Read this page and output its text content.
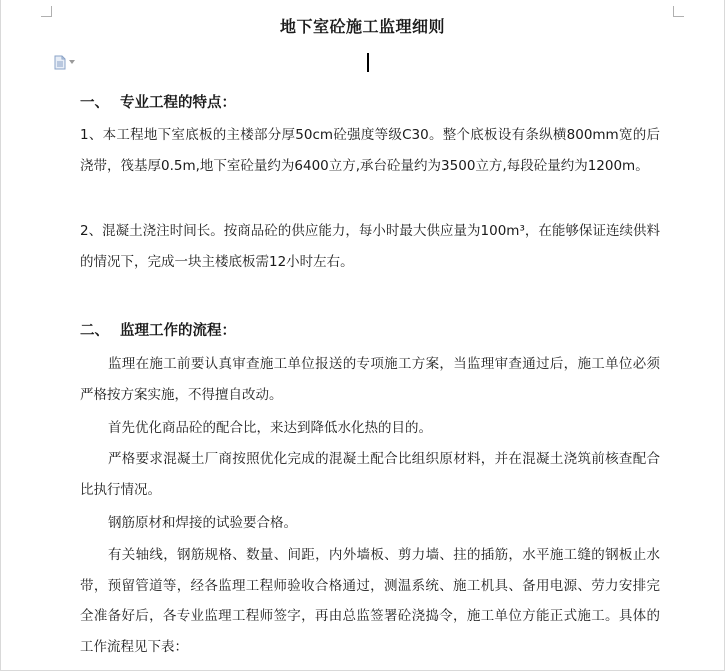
地下室砼施工监理细则
一、 专业工程的特点：
1、本工程地下室底板的主楼部分厚50cm砼强度等级C30。整个底板设有条纵横800mm宽的后浇带，筏基厚0.5m,地下室砼量约为6400立方,承台砼量约为3500立方,每段砼量约为1200m。
2、混凝土浇注时间长。按商品砼的供应能力，每小时最大供应量为100m³，在能够保证连续供料的情况下，完成一块主楼底板需12小时左右。
二、 监理工作的流程：
监理在施工前要认真审查施工单位报送的专项施工方案，当监理审查通过后，施工单位必须严格按方案实施，不得擅自改动。
首先优化商品砼的配合比，来达到降低水化热的目的。
严格要求混凝土厂商按照优化完成的混凝土配合比组织原材料，并在混凝土浇筑前核查配合比执行情况。
钢筋原材和焊接的试验要合格。
有关轴线，钢筋规格、数量、间距，内外墙板、剪力墙、拄的插筋，水平施工缝的钢板止水带，预留管道等，经各监理工程师验收合格通过，测温系统、施工机具、备用电源、劳力安排完全准备好后，各专业监理工程师签字，再由总监签署砼浇捣令，施工单位方能正式施工。具体的工作流程见下表：
